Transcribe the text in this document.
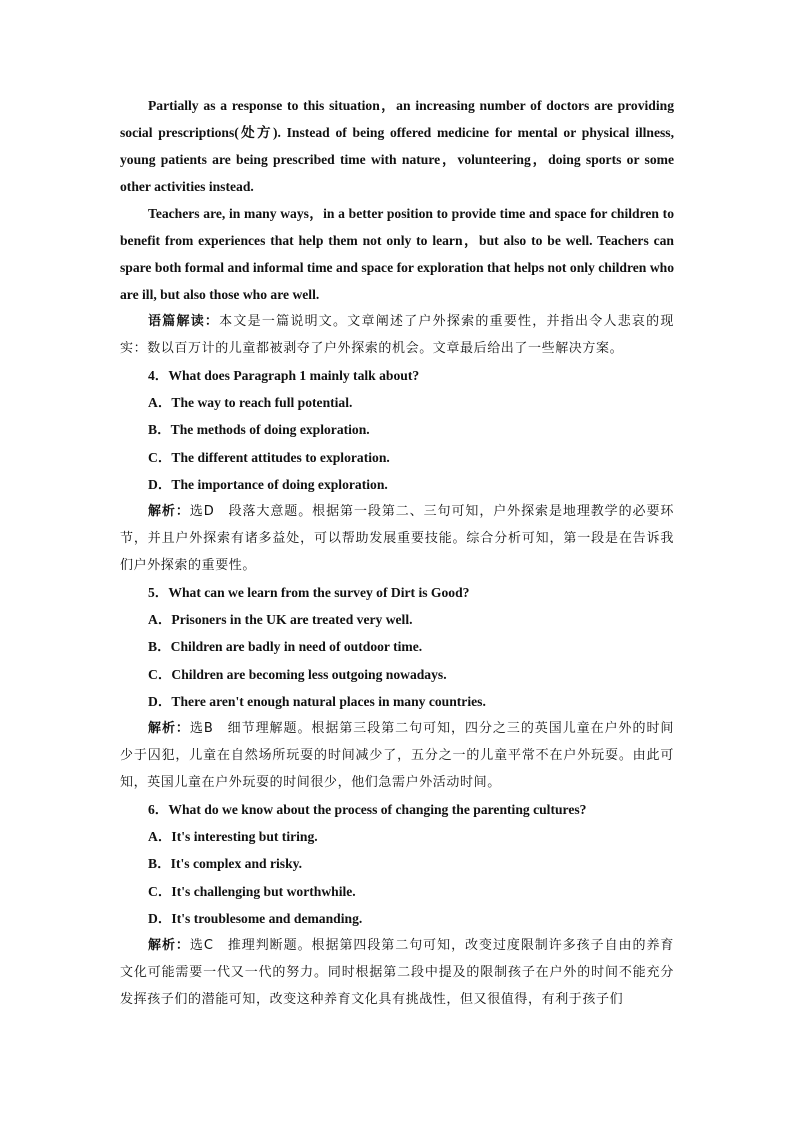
Partially as a response to this situation，an increasing number of doctors are providing social prescriptions(处方). Instead of being offered medicine for mental or physical illness, young patients are being prescribed time with nature，volunteering，doing sports or some other activities instead.

Teachers are, in many ways，in a better position to provide time and space for children to benefit from experiences that help them not only to learn，but also to be well. Teachers can spare both formal and informal time and space for exploration that helps not only children who are ill, but also those who are well.

语篇解读：本文是一篇说明文。文章阐述了户外探索的重要性，并指出令人悲哀的现实：数以百万计的儿童都被剥夺了户外探索的机会。文章最后给出了一些解决方案。

4．What does Paragraph 1 mainly talk about?

A．The way to reach full potential.

B．The methods of doing exploration.

C．The different attitudes to exploration.

D．The importance of doing exploration.

解析：选D　段落大意题。根据第一段第二、三句可知，户外探索是地理教学的必要环节，并且户外探索有诸多益处，可以帮助发展重要技能。综合分析可知，第一段是在告诉我们户外探索的重要性。

5．What can we learn from the survey of Dirt is Good?

A．Prisoners in the UK are treated very well.

B．Children are badly in need of outdoor time.

C．Children are becoming less outgoing nowadays.

D．There aren't enough natural places in many countries.

解析：选B　细节理解题。根据第三段第二句可知，四分之三的英国儿童在户外的时间少于囚犯，儿童在自然场所玩耍的时间减少了，五分之一的儿童平常不在户外玩耍。由此可知，英国儿童在户外玩耍的时间很少，他们急需户外活动时间。

6．What do we know about the process of changing the parenting cultures?

A．It's interesting but tiring.

B．It's complex and risky.

C．It's challenging but worthwhile.

D．It's troublesome and demanding.

解析：选C　推理判断题。根据第四段第二句可知，改变过度限制许多孩子自由的养育文化可能需要一代又一代的努力。同时根据第二段中提及的限制孩子在户外的时间不能充分发挥孩子们的潜能可知，改变这种养育文化具有挑战性，但又很值得，有利于孩子们
